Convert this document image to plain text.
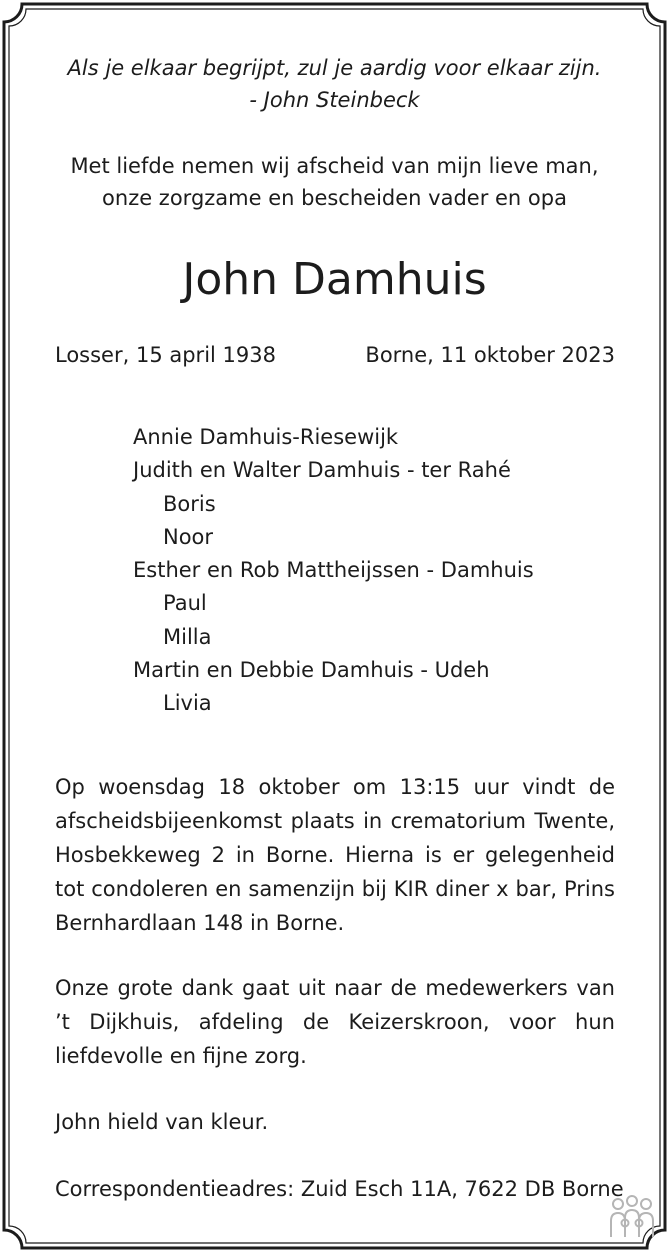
Als je elkaar begrijpt, zul je aardig voor elkaar zijn.
- John Steinbeck
Met liefde nemen wij afscheid van mijn lieve man,
onze zorgzame en bescheiden vader en opa
John Damhuis
Losser, 15 april 1938	Borne, 11 oktober 2023
Annie Damhuis-Riesewijk
Judith en Walter Damhuis - ter Rahé
Boris
Noor
Esther en Rob Mattheijssen - Damhuis
Paul
Milla
Martin en Debbie Damhuis - Udeh
Livia
Op woensdag 18 oktober om 13:15 uur vindt de afscheidsbijeenkomst plaats in crematorium Twente, Hosbekkeweg 2 in Borne. Hierna is er gelegenheid tot condoleren en samenzijn bij KIR diner x bar, Prins Bernhardlaan 148 in Borne.
Onze grote dank gaat uit naar de medewerkers van ’t Dijkhuis, afdeling de Keizerskroon, voor hun liefdevolle en fijne zorg.
John hield van kleur.
Correspondentieadres: Zuid Esch 11A, 7622 DB Borne
